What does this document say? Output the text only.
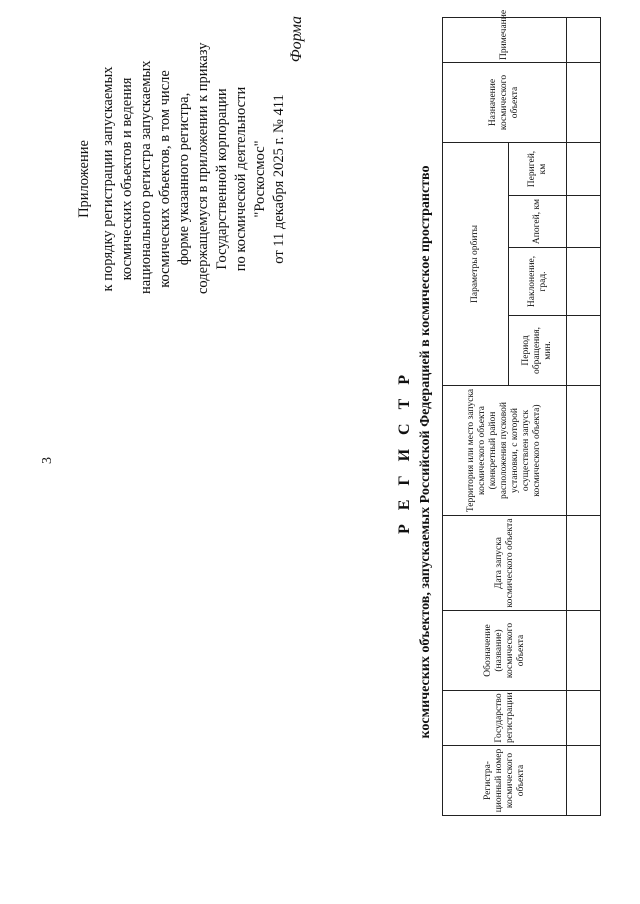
3
Приложение к порядку регистрации запускаемых космических объектов и ведения национального регистра запускаемых космических объектов, в том числе форме указанного регистра, содержащемуся в приложении к приказу Государственной корпорации по космической деятельности "Роскосмос" от 11 декабря 2025 г. № 411
Форма
Р Е Г И С Т Р космических объектов, запускаемых Российской Федерацией в космическое пространство
Регистра-ционный номер космического объекта	Государство регистрации	Обозначение (название) космического объекта	Дата запуска космического объекта	Территория или место запуска космического объекта (конкретный район расположения пусковой установки, с которой осуществлен запуск космического объекта)	Параметры орбиты				Назначение космического объекта	Примечание
					Период обращения, мин.	Наклонение, град.	Апогей, км	Перигей, км		
